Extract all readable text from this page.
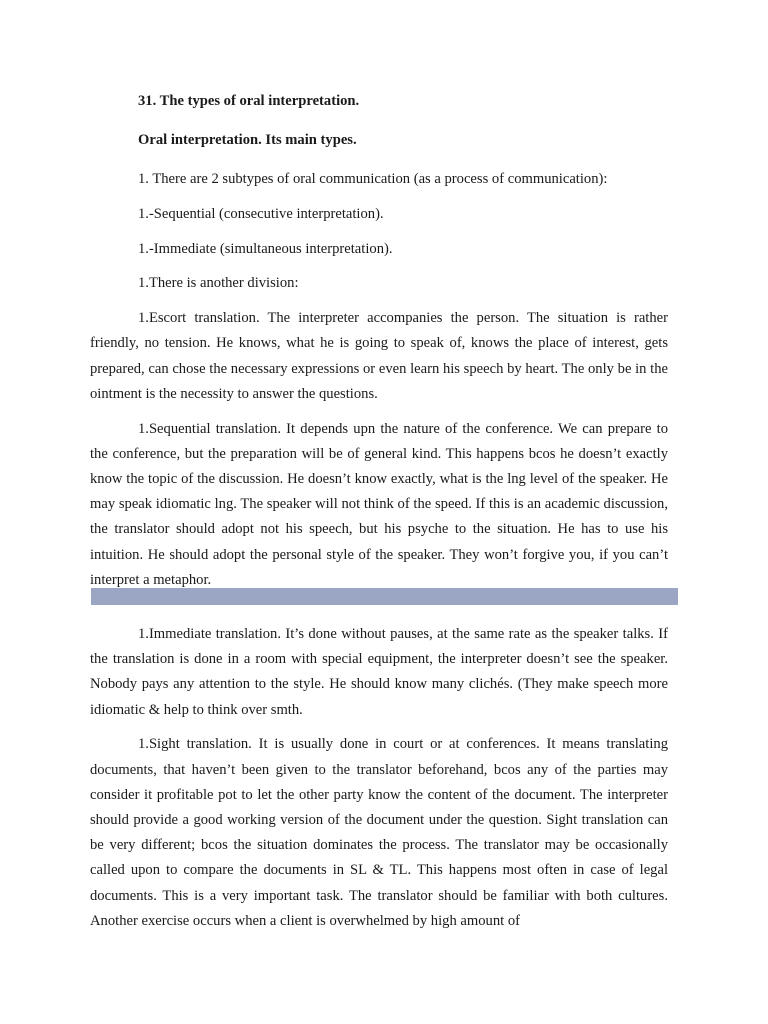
31. The types of oral interpretation.

Oral interpretation. Its main types.

1. There are 2 subtypes of oral communication (as a process of communication):

1.-Sequential (consecutive interpretation).

1.-Immediate (simultaneous interpretation).

1.There is another division:

1.Escort translation. The interpreter accompanies the person. The situation is rather friendly, no tension. He knows, what he is going to speak of, knows the place of interest, gets prepared, can chose the necessary expressions or even learn his speech by heart. The only be in the ointment is the necessity to answer the questions.

1.Sequential translation. It depends upn the nature of the conference. We can prepare to the conference, but the preparation will be of general kind. This happens bcos he doesn’t exactly know the topic of the discussion. He doesn’t know exactly, what is the lng level of the speaker. He may speak idiomatic lng. The speaker will not think of the speed. If this is an academic discussion, the translator should adopt not his speech, but his psyche to the situation. He has to use his intuition. He should adopt the personal style of the speaker. They won’t forgive you, if you can’t interpret a metaphor.

1.Immediate translation. It’s done without pauses, at the same rate as the speaker talks. If the translation is done in a room with special equipment, the interpreter doesn’t see the speaker. Nobody pays any attention to the style. He should know many clichés. (They make speech more idiomatic & help to think over smth.

1.Sight translation. It is usually done in court or at conferences. It means translating documents, that haven’t been given to the translator beforehand, bcos any of the parties may consider it profitable pot to let the other party know the content of the document. The interpreter should provide a good working version of the document under the question. Sight translation can be very different; bcos the situation dominates the process. The translator may be occasionally called upon to compare the documents in SL & TL. This happens most often in case of legal documents. This is a very important task. The translator should be familiar with both cultures. Another exercise occurs when a client is overwhelmed by high amount of
